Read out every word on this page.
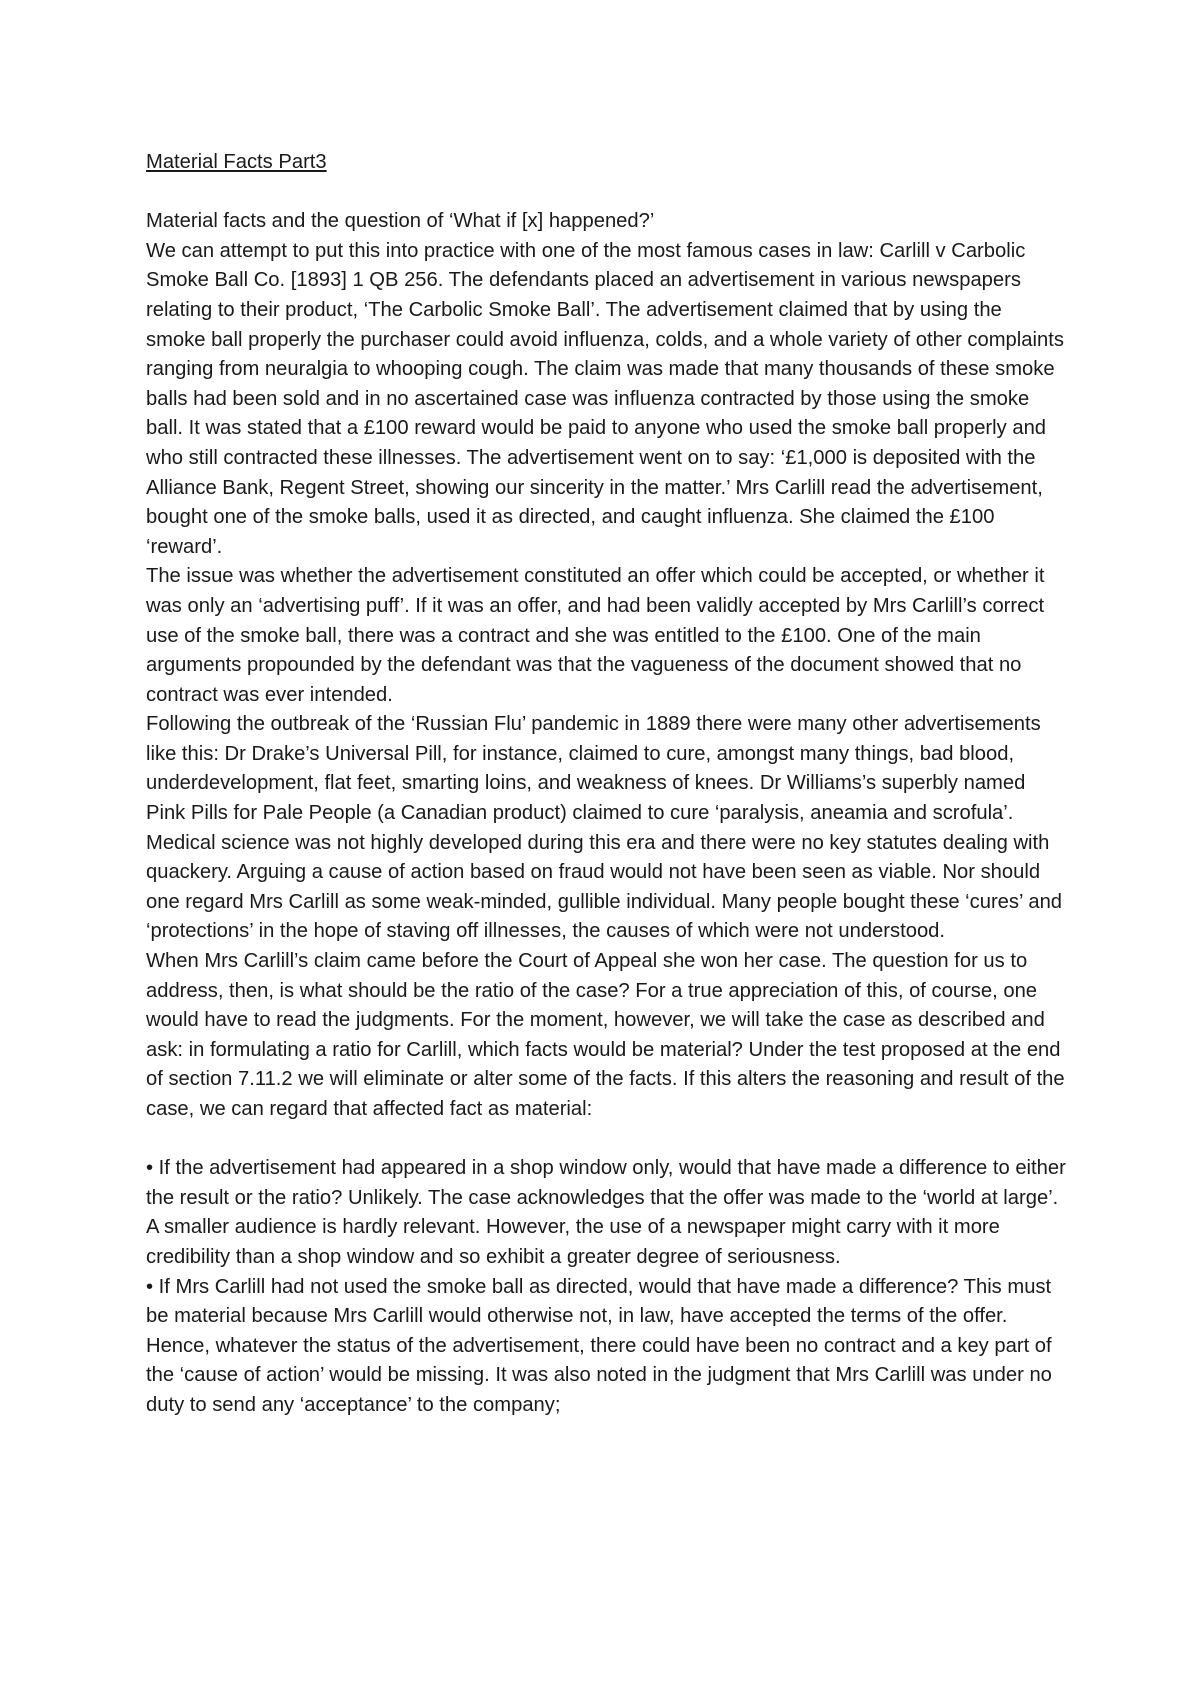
Material Facts Part3

Material facts and the question of ‘What if [x] happened?’

We can attempt to put this into practice with one of the most famous cases in law: Carlill v Carbolic Smoke Ball Co. [1893] 1 QB 256. The defendants placed an advertisement in various newspapers relating to their product, ‘The Carbolic Smoke Ball’. The advertisement claimed that by using the smoke ball properly the purchaser could avoid influenza, colds, and a whole variety of other complaints ranging from neuralgia to whooping cough. The claim was made that many thousands of these smoke balls had been sold and in no ascertained case was influenza contracted by those using the smoke ball. It was stated that a £100 reward would be paid to anyone who used the smoke ball properly and who still contracted these illnesses. The advertisement went on to say: ‘£1,000 is deposited with the Alliance Bank, Regent Street, showing our sincerity in the matter.’ Mrs Carlill read the advertisement, bought one of the smoke balls, used it as directed, and caught influenza. She claimed the £100 ‘reward’.

The issue was whether the advertisement constituted an offer which could be accepted, or whether it was only an ‘advertising puff’. If it was an offer, and had been validly accepted by Mrs Carlill’s correct use of the smoke ball, there was a contract and she was entitled to the £100. One of the main arguments propounded by the defendant was that the vagueness of the document showed that no contract was ever intended.

Following the outbreak of the ‘Russian Flu’ pandemic in 1889 there were many other advertisements like this: Dr Drake’s Universal Pill, for instance, claimed to cure, amongst many things, bad blood, underdevelopment, flat feet, smarting loins, and weakness of knees. Dr Williams’s superbly named Pink Pills for Pale People (a Canadian product) claimed to cure ‘paralysis, aneamia and scrofula’. Medical science was not highly developed during this era and there were no key statutes dealing with quackery. Arguing a cause of action based on fraud would not have been seen as viable. Nor should one regard Mrs Carlill as some weak-minded, gullible individual. Many people bought these ‘cures’ and ‘protections’ in the hope of staving off illnesses, the causes of which were not understood.

When Mrs Carlill’s claim came before the Court of Appeal she won her case. The question for us to address, then, is what should be the ratio of the case? For a true appreciation of this, of course, one would have to read the judgments. For the moment, however, we will take the case as described and ask: in formulating a ratio for Carlill, which facts would be material? Under the test proposed at the end of section 7.11.2 we will eliminate or alter some of the facts. If this alters the reasoning and result of the case, we can regard that affected fact as material:

• If the advertisement had appeared in a shop window only, would that have made a difference to either the result or the ratio? Unlikely. The case acknowledges that the offer was made to the ‘world at large’. A smaller audience is hardly relevant. However, the use of a newspaper might carry with it more credibility than a shop window and so exhibit a greater degree of seriousness.

• If Mrs Carlill had not used the smoke ball as directed, would that have made a difference? This must be material because Mrs Carlill would otherwise not, in law, have accepted the terms of the offer. Hence, whatever the status of the advertisement, there could have been no contract and a key part of the ‘cause of action’ would be missing. It was also noted in the judgment that Mrs Carlill was under no duty to send any ‘acceptance’ to the company;
